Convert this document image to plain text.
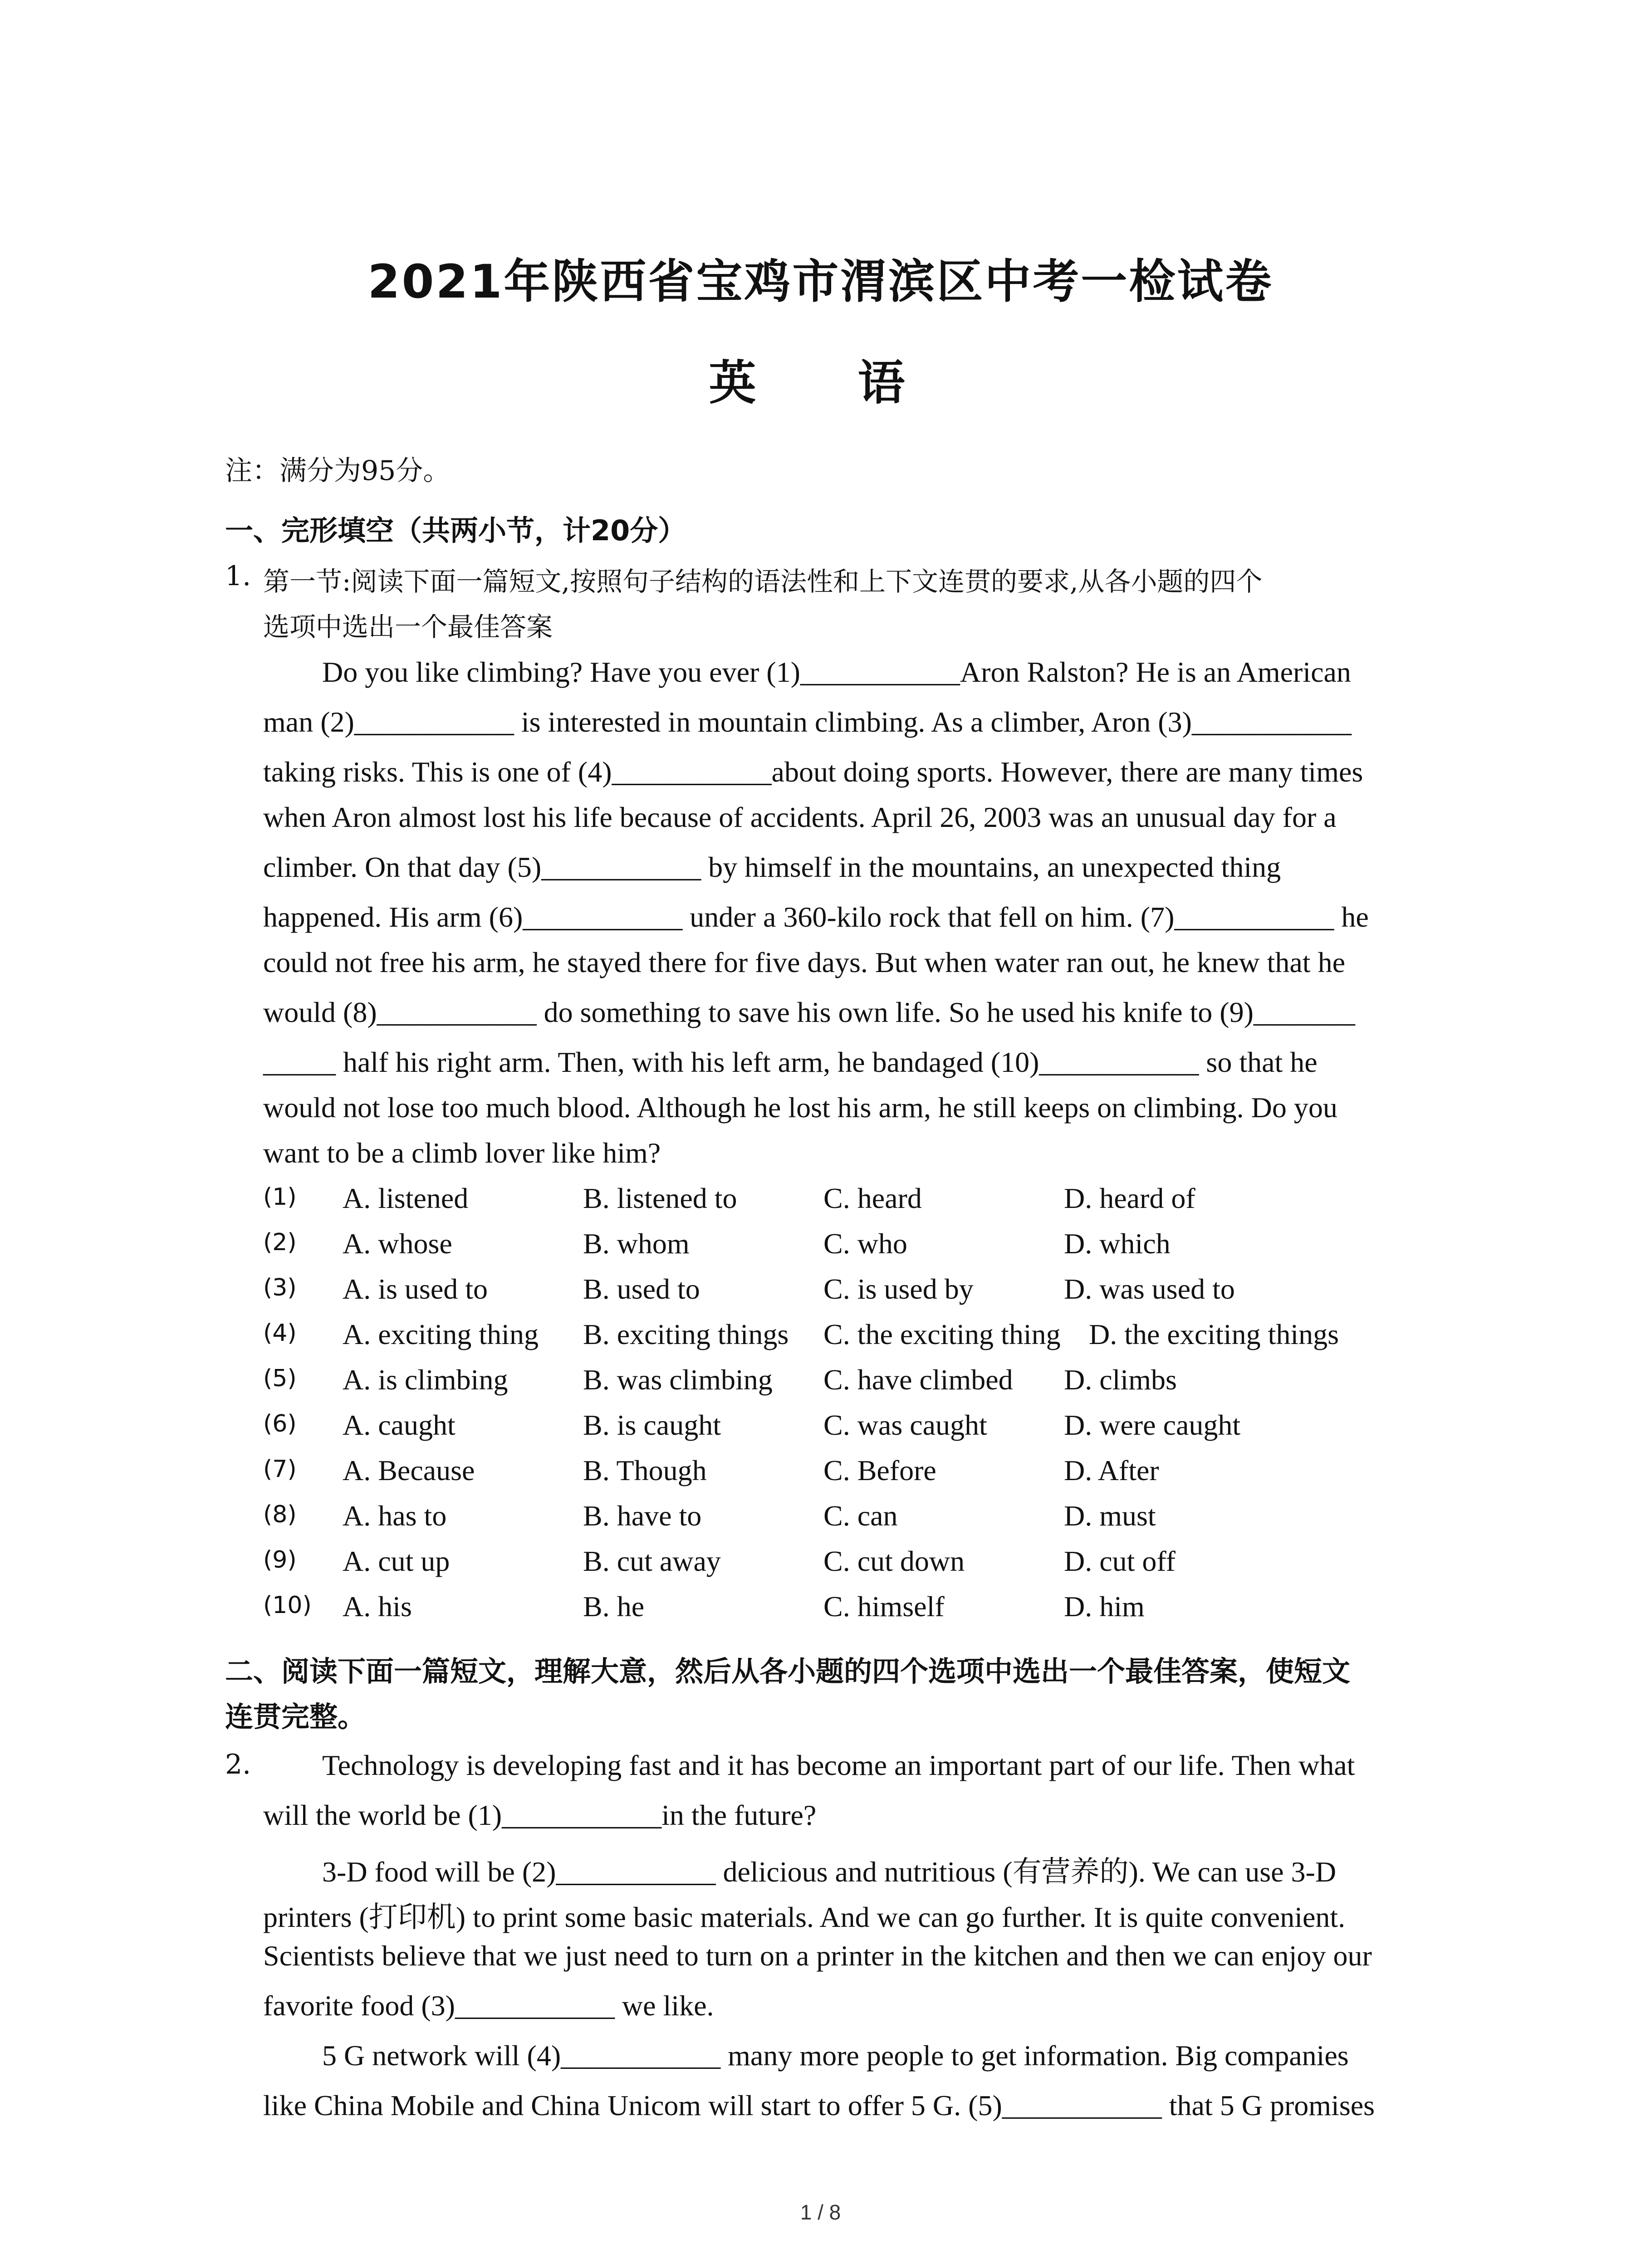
2021年陕西省宝鸡市渭滨区中考一检试卷
英　语
注：满分为95分。
一、完形填空（共两小节，计20分）
1. 第一节:阅读下面一篇短文,按照句子结构的语法性和上下文连贯的要求,从各小题的四个
选项中选出一个最佳答案
Do you like climbing? Have you ever (1)___________Aron Ralston? He is an American
man (2)___________ is interested in mountain climbing. As a climber, Aron (3)___________
taking risks. This is one of (4)___________about doing sports. However, there are many times
when Aron almost lost his life because of accidents. April 26, 2003 was an unusual day for a
climber. On that day (5)___________ by himself in the mountains, an unexpected thing
happened. His arm (6)___________ under a 360-kilo rock that fell on him. (7)___________ he
could not free his arm, he stayed there for five days. But when water ran out, he knew that he
would (8)___________ do something to save his own life. So he used his knife to (9)_______
_____ half his right arm. Then, with his left arm, he bandaged (10)___________ so that he
would not lose too much blood. Although he lost his arm, he still keeps on climbing. Do you
want to be a climb lover like him?
(1) A. listened	B. listened to	C. heard	D. heard of
(2) A. whose	B. whom	C. who	D. which
(3) A. is used to	B. used to	C. is used by	D. was used to
(4) A. exciting thing B. exciting things C. the exciting thing D. the exciting things
(5) A. is climbing	B. was climbing C. have climbed D. climbs
(6) A. caught	B. is caught	C. was caught	D. were caught
(7) A. Because	B. Though	C. Before	D. After
(8) A. has to	B. have to	C. can	D. must
(9) A. cut up	B. cut away	C. cut down	D. cut off
(10) A. his	B. he	C. himself	D. him
二、阅读下面一篇短文，理解大意，然后从各小题的四个选项中选出一个最佳答案，使短文
连贯完整。
2. Technology is developing fast and it has become an important part of our life. Then what
will the world be (1)___________in the future?
3-D food will be (2)___________ delicious and nutritious (有营养的). We can use 3-D
printers (打印机) to print some basic materials. And we can go further. It is quite convenient.
Scientists believe that we just need to turn on a printer in the kitchen and then we can enjoy our
favorite food (3)___________ we like.
5 G network will (4)___________ many more people to get information. Big companies
like China Mobile and China Unicom will start to offer 5 G. (5)___________ that 5 G promises
1 / 8
